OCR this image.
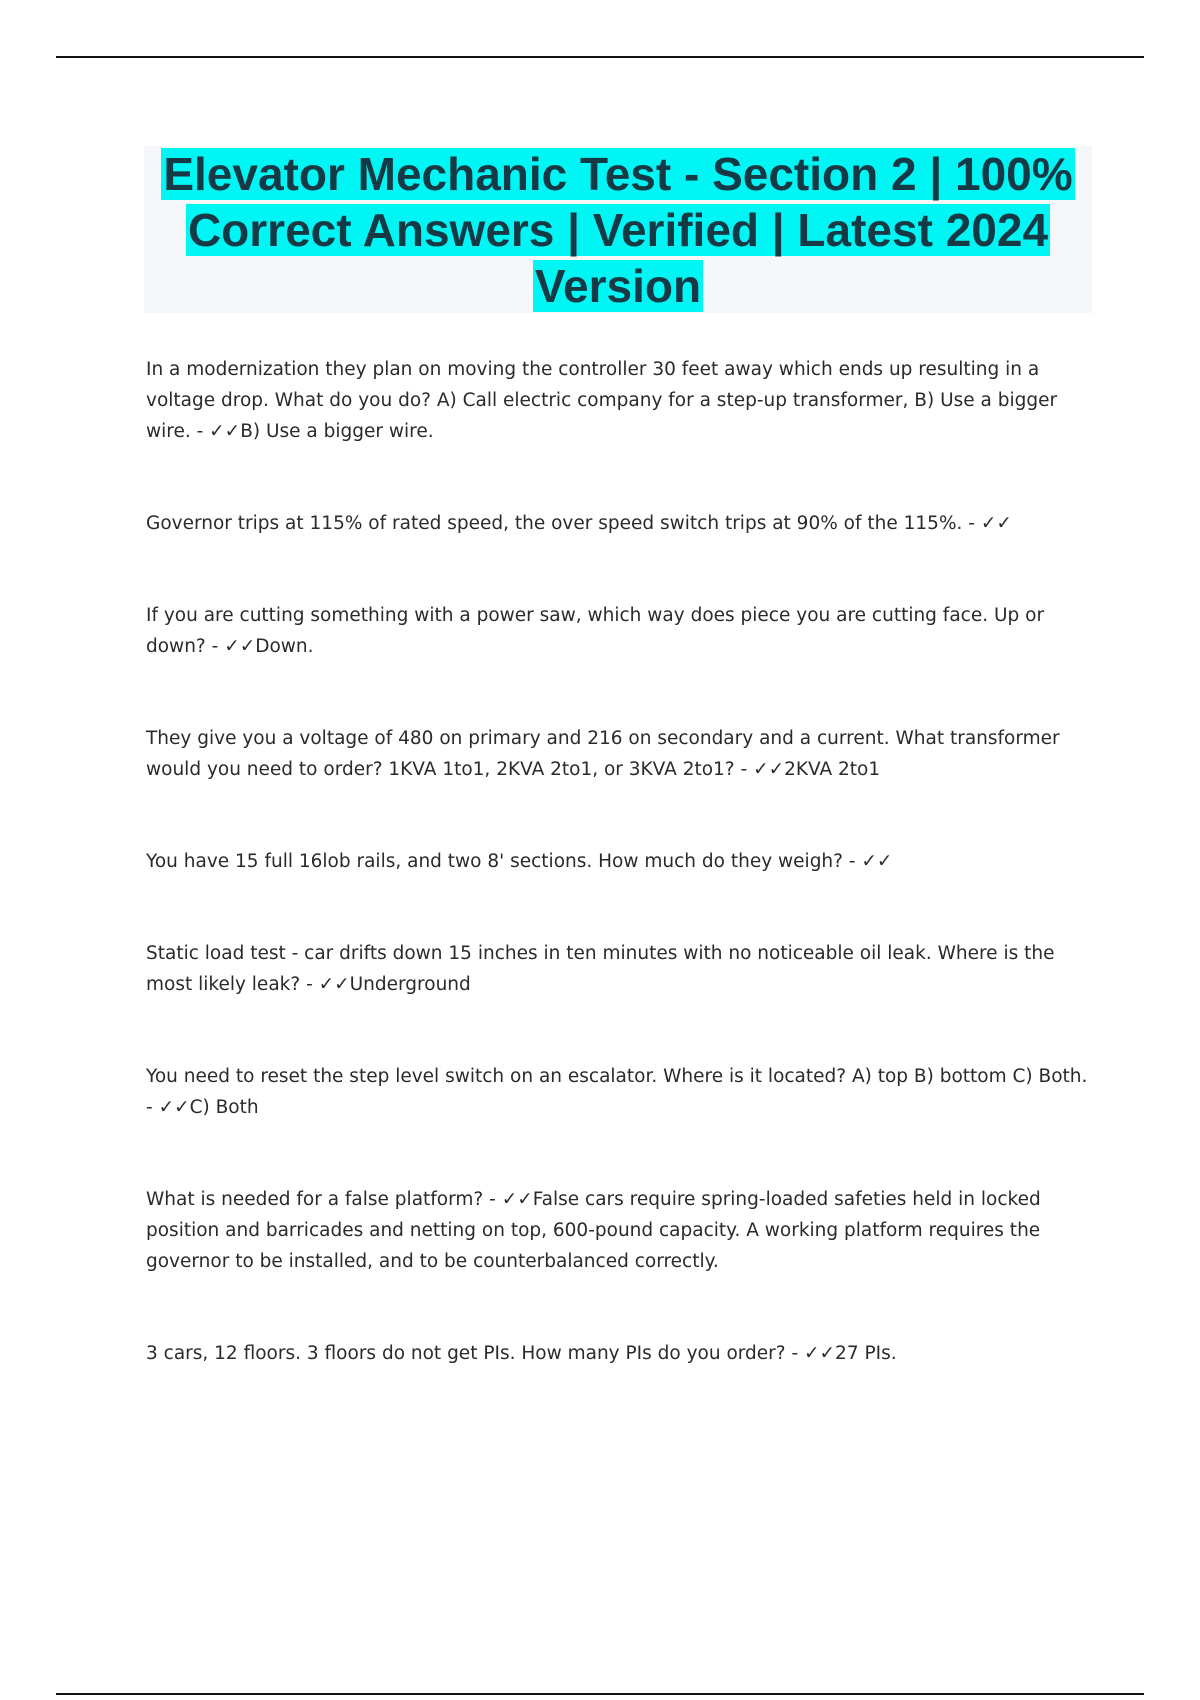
Elevator Mechanic Test - Section 2 | 100% Correct Answers | Verified | Latest 2024 Version

In a modernization they plan on moving the controller 30 feet away which ends up resulting in a voltage drop. What do you do? A) Call electric company for a step-up transformer, B) Use a bigger wire. - ✓✓B) Use a bigger wire.

Governor trips at 115% of rated speed, the over speed switch trips at 90% of the 115%. - ✓✓

If you are cutting something with a power saw, which way does piece you are cutting face. Up or down? - ✓✓Down.

They give you a voltage of 480 on primary and 216 on secondary and a current. What transformer would you need to order? 1KVA 1to1, 2KVA 2to1, or 3KVA 2to1? - ✓✓2KVA 2to1

You have 15 full 16lob rails, and two 8' sections. How much do they weigh? - ✓✓

Static load test - car drifts down 15 inches in ten minutes with no noticeable oil leak. Where is the most likely leak? - ✓✓Underground

You need to reset the step level switch on an escalator. Where is it located? A) top B) bottom C) Both. - ✓✓C) Both

What is needed for a false platform? - ✓✓False cars require spring-loaded safeties held in locked position and barricades and netting on top, 600-pound capacity. A working platform requires the governor to be installed, and to be counterbalanced correctly.

3 cars, 12 floors. 3 floors do not get PIs. How many PIs do you order? - ✓✓27 PIs.
